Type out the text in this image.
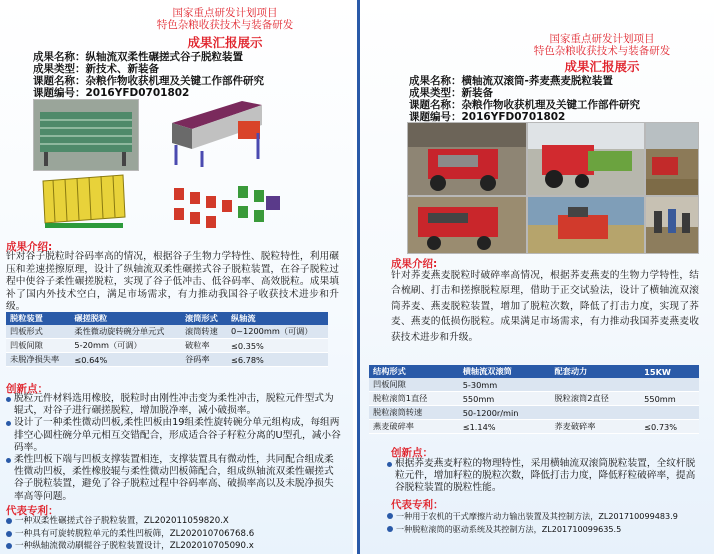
国家重点研发计划项目
特色杂粮收获技术与装备研发
成果汇报展示
成果名称：纵轴流双柔性碾搓式谷子脱粒装置
成果类型：新技术、新装备
课题名称：杂粮作物收获机理及关键工作部件研究
课题编号：2016YFD0701802
成果介绍:
针对谷子脱粒时谷码率高的情况，根据谷子生物力学特性、脱粒特性，利用碾压和差速搓擦原理，设计了纵轴流双柔性碾搓式谷子脱粒装置，在谷子脱粒过程中使谷子柔性碾搓脱粒，实现了谷子低冲击、低谷码率、高效脱粒。成果填补了国内外技术空白，满足市场需求，有力推动我国谷子收获技术进步和升级。
脱粒装置	碾搓脱粒	滚筒形式	纵轴流
凹板形式	柔性微动旋转碗分单元式	滚筒转速	0~1200mm（可调）
凹板间隙	5-20mm（可调）	破粒率	≤0.35%
未脱净损失率	≤0.64%	谷码率	≤6.78%
创新点：
脱粒元件材料选用橡胶，脱粒时由刚性冲击变为柔性冲击，脱粒元件型式为辊式，对谷子进行碾搓脱粒，增加脱净率，减小破损率。
设计了一种柔性微动凹板,柔性凹板由19组柔性旋转碗分单元组构成，每组两排空心圆柱碗分单元相互交错配合，形成适合谷子籽粒分离的U型孔，减小谷码率。
柔性凹板下端与凹板支撑装置相连，支撑装置具有微动性，共同配合组成柔性微动凹板，柔性橡胶辊与柔性微动凹板筛配合，组成纵轴流双柔性碾搓式谷子脱粒装置，避免了谷子脱粒过程中谷码率高、破损率高以及未脱净损失率高等问题。
代表专利：
一种双柔性碾搓式谷子脱粒装置，ZL202011059820.X
一种具有可旋转脱粒单元的柔性凹板筛，ZL202010706768.6
一种纵轴流微动刷辊谷子脱粒装置设计，ZL202010705090.x
国家重点研发计划项目
特色杂粮收获技术与装备研发
成果汇报展示
成果名称：横轴流双滚筒-荞麦燕麦脱粒装置
成果类型：新装备
课题名称：杂粮作物收获机理及关键工作部件研究
课题编号：2016YFD0701802
成果介绍:
针对荞麦燕麦脱粒时破碎率高情况，根据荞麦燕麦的生物力学特性，结合梳刷、打击和搓擦脱粒原理，借助于正交试验法，设计了横轴流双滚筒荞麦、燕麦脱粒装置，增加了脱粒次数，降低了打击力度，实现了荞麦、燕麦的低损伤脱粒。成果满足市场需求，有力推动我国荞麦燕麦收获技术进步和升级。
结构形式	横轴流双滚筒	配套动力	15KW
凹板间隙	5-30mm		
脱粒滚筒1直径	550mm	脱粒滚筒2直径	550mm
脱粒滚筒转速	50-1200r/min		
燕麦破碎率	≤1.14%	荞麦破碎率	≤0.73%
创新点：
根据荞麦燕麦籽粒的物理特性，采用横轴流双滚筒脱粒装置，全纹杆脱粒元件，增加籽粒的脱粒次数，降低打击力度，降低籽粒破碎率，提高谷脱粒装置的脱粒性能。
代表专利：
一种用于农机的干式摩擦片动力输出装置及其控制方法，ZL201710099483.9
一种脱粒滚筒的驱动系统及其控制方法，ZL201710099635.5
